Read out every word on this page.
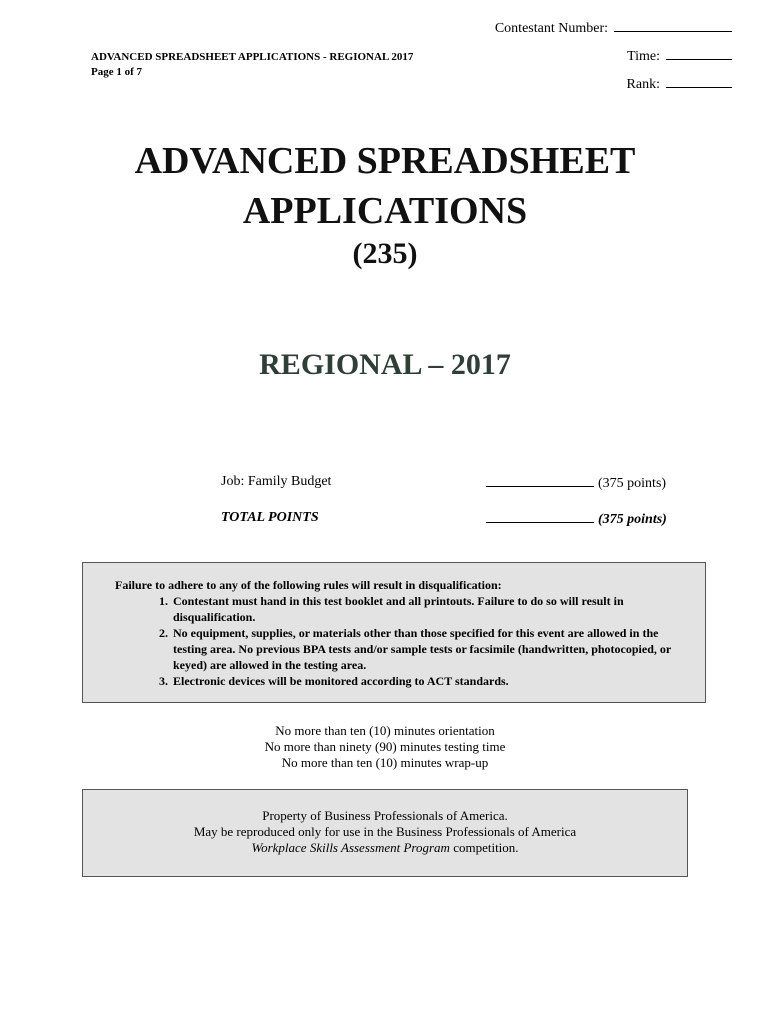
Contestant Number:
ADVANCED SPREADSHEET APPLICATIONS - REGIONAL 2017
Page 1 of 7
Time:
Rank:
ADVANCED SPREADSHEET
APPLICATIONS
(235)
REGIONAL – 2017
Job: Family Budget	(375 points)
TOTAL POINTS	(375 points)
Failure to adhere to any of the following rules will result in disqualification:
1. Contestant must hand in this test booklet and all printouts. Failure to do so will result in disqualification.
2. No equipment, supplies, or materials other than those specified for this event are allowed in the testing area. No previous BPA tests and/or sample tests or facsimile (handwritten, photocopied, or keyed) are allowed in the testing area.
3. Electronic devices will be monitored according to ACT standards.
No more than ten (10) minutes orientation
No more than ninety (90) minutes testing time
No more than ten (10) minutes wrap-up
Property of Business Professionals of America.
May be reproduced only for use in the Business Professionals of America
Workplace Skills Assessment Program competition.
